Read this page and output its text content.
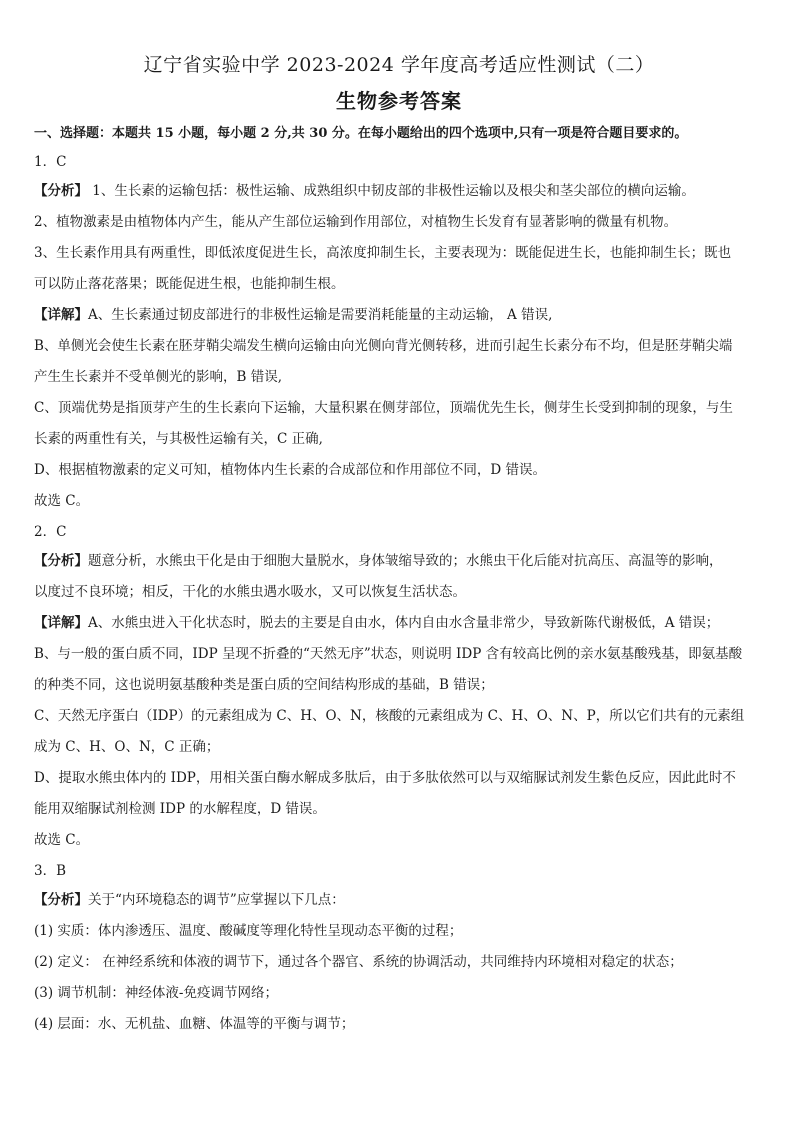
辽宁省实验中学 2023-2024 学年度高考适应性测试（二）
生物参考答案
一、选择题：本题共 15 小题，每小题 2 分,共 30 分。在每小题给出的四个选项中,只有一项是符合题目要求的。
1．C
【分析】 1、生长素的运输包括：极性运输、成熟组织中韧皮部的非极性运输以及根尖和茎尖部位的横向运输。
2、植物激素是由植物体内产生，能从产生部位运输到作用部位，对植物生长发育有显著影响的微量有机物。
3、生长素作用具有两重性，即低浓度促进生长，高浓度抑制生长，主要表现为：既能促进生长，也能抑制生长；既也
可以防止落花落果；既能促进生根，也能抑制生根。
【详解】A、生长素通过韧皮部进行的非极性运输是需要消耗能量的主动运输， A 错误,
B、单侧光会使生长素在胚芽鞘尖端发生横向运输由向光侧向背光侧转移，进而引起生长素分布不均，但是胚芽鞘尖端
产生生长素并不受单侧光的影响，B 错误,
C、顶端优势是指顶芽产生的生长素向下运输，大量积累在侧芽部位，顶端优先生长，侧芽生长受到抑制的现象，与生
长素的两重性有关，与其极性运输有关，C 正确,
D、根据植物激素的定义可知，植物体内生长素的合成部位和作用部位不同，D 错误。
故选 C。
2．C
【分析】题意分析，水熊虫干化是由于细胞大量脱水，身体皱缩导致的；水熊虫干化后能对抗高压、高温等的影响，
以度过不良环境；相反，干化的水熊虫遇水吸水，又可以恢复生活状态。
【详解】A、水熊虫进入干化状态时，脱去的主要是自由水，体内自由水含量非常少，导致新陈代谢极低，A 错误；
B、与一般的蛋白质不同，IDP 呈现不折叠的“天然无序”状态，则说明 IDP 含有较高比例的亲水氨基酸残基，即氨基酸
的种类不同，这也说明氨基酸种类是蛋白质的空间结构形成的基础，B 错误；
C、天然无序蛋白（IDP）的元素组成为 C、H、O、N，核酸的元素组成为 C、H、O、N、P，所以它们共有的元素组
成为 C、H、O、N，C 正确；
D、提取水熊虫体内的 IDP，用相关蛋白酶水解成多肽后，由于多肽依然可以与双缩脲试剂发生紫色反应，因此此时不
能用双缩脲试剂检测 IDP 的水解程度，D 错误。
故选 C。
3．B
【分析】关于“内环境稳态的调节”应掌握以下几点：
(1) 实质：体内渗透压、温度、酸碱度等理化特性呈现动态平衡的过程；
(2) 定义： 在神经系统和体液的调节下，通过各个器官、系统的协调活动，共同维持内环境相对稳定的状态；
(3) 调节机制：神经体液-免疫调节网络；
(4) 层面：水、无机盐、血糖、体温等的平衡与调节；
